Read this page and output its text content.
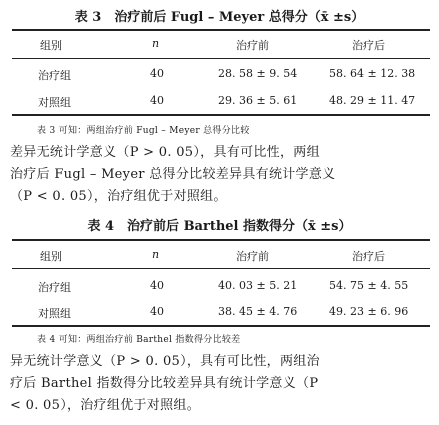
表 3　治疗前后 Fugl – Meyer 总得分（x̄ ±s）
组别	n	治疗前	治疗后
治疗组	40	28. 58 ± 9. 54	58. 64 ± 12. 38
对照组	40	29. 36 ± 5. 61	48. 29 ± 11. 47
表 3 可知：两组治疗前 Fugl – Meyer 总得分比较
差异无统计学意义（P > 0. 05），具有可比性，两组
治疗后 Fugl – Meyer 总得分比较差异具有统计学意义
（P < 0. 05），治疗组优于对照组。
表 4　治疗前后 Barthel 指数得分（x̄ ±s）
组别	n	治疗前	治疗后
治疗组	40	40. 03 ± 5. 21	54. 75 ± 4. 55
对照组	40	38. 45 ± 4. 76	49. 23 ± 6. 96
表 4 可知：两组治疗前 Barthel 指数得分比较差
异无统计学意义（P > 0. 05），具有可比性，两组治
疗后 Barthel 指数得分比较差异具有统计学意义（P
< 0. 05），治疗组优于对照组。
